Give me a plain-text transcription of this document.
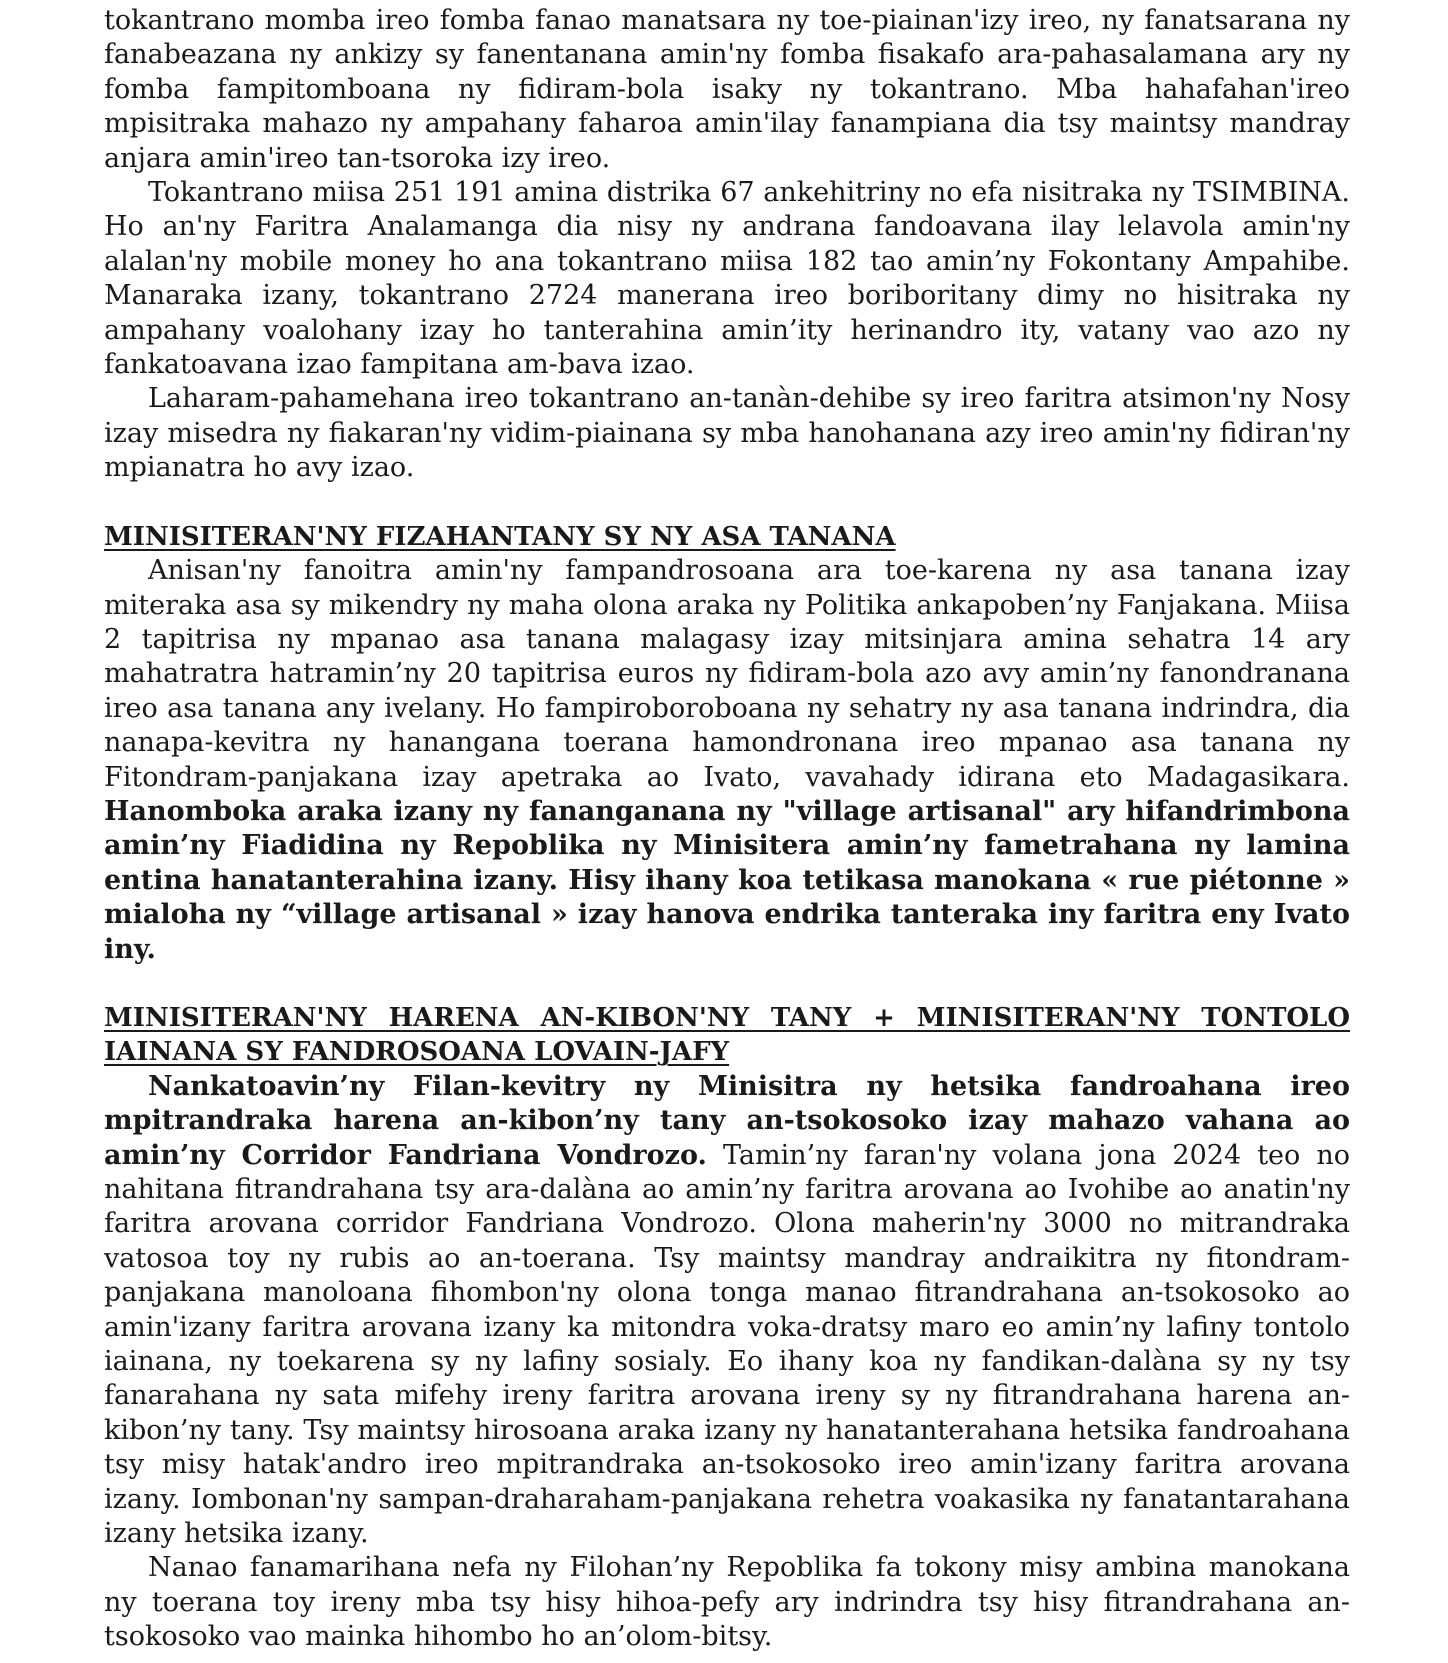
tokantrano momba ireo fomba fanao manatsara ny toe-piainan'izy ireo, ny fanatsarana ny fanabeazana ny ankizy sy fanentanana amin'ny fomba fisakafo ara-pahasalamana ary ny fomba fampitomboana ny fidiram-bola isaky ny tokantrano. Mba hahafahan'ireo mpisitraka mahazo ny ampahany faharoa amin'ilay fanampiana dia tsy maintsy mandray anjara amin'ireo tan-tsoroka izy ireo.

Tokantrano miisa 251 191 amina distrika 67 ankehitriny no efa nisitraka ny TSIMBINA. Ho an'ny Faritra Analamanga dia nisy ny andrana fandoavana ilay lelavola amin'ny alalan'ny mobile money ho ana tokantrano miisa 182 tao amin’ny Fokontany Ampahibe. Manaraka izany, tokantrano 2724 manerana ireo boriboritany dimy no hisitraka ny ampahany voalohany izay ho tanterahina amin’ity herinandro ity, vatany vao azo ny fankatoavana izao fampitana am-bava izao.

Laharam-pahamehana ireo tokantrano an-tanàn-dehibe sy ireo faritra atsimon'ny Nosy izay misedra ny fiakaran'ny vidim-piainana sy mba hanohanana azy ireo amin'ny fidiran'ny mpianatra ho avy izao.

MINISITERAN'NY FIZAHANTANY SY NY ASA TANANA

Anisan'ny fanoitra amin'ny fampandrosoana ara toe-karena ny asa tanana izay miteraka asa sy mikendry ny maha olona araka ny Politika ankapoben’ny Fanjakana. Miisa 2 tapitrisa ny mpanao asa tanana malagasy izay mitsinjara amina sehatra 14 ary mahatratra hatramin’ny 20 tapitrisa euros ny fidiram-bola azo avy amin’ny fanondranana ireo asa tanana any ivelany. Ho fampiroboroboana ny sehatry ny asa tanana indrindra, dia nanapa-kevitra ny hanangana toerana hamondronana ireo mpanao asa tanana ny Fitondram-panjakana izay apetraka ao Ivato, vavahady idirana eto Madagasikara. Hanomboka araka izany ny fananganana ny "village artisanal" ary hifandrimbona amin’ny Fiadidina ny Repoblika ny Minisitera amin’ny fametrahana ny lamina entina hanatanterahina izany. Hisy ihany koa tetikasa manokana « rue piétonne » mialoha ny “village artisanal » izay hanova endrika tanteraka iny faritra eny Ivato iny.

MINISITERAN'NY HARENA AN-KIBON'NY TANY + MINISITERAN'NY TONTOLO IAINANA SY FANDROSOANA LOVAIN-JAFY

Nankatoavin’ny Filan-kevitry ny Minisitra ny hetsika fandroahana ireo mpitrandraka harena an-kibon’ny tany an-tsokosoko izay mahazo vahana ao amin’ny Corridor Fandriana Vondrozo. Tamin’ny faran'ny volana jona 2024 teo no nahitana fitrandrahana tsy ara-dalàna ao amin’ny faritra arovana ao Ivohibe ao anatin'ny faritra arovana corridor Fandriana Vondrozo. Olona maherin'ny 3000 no mitrandraka vatosoa toy ny rubis ao an-toerana. Tsy maintsy mandray andraikitra ny fitondram-panjakana manoloana fihombon'ny olona tonga manao fitrandrahana an-tsokosoko ao amin'izany faritra arovana izany ka mitondra voka-dratsy maro eo amin’ny lafiny tontolo iainana, ny toekarena sy ny lafiny sosialy. Eo ihany koa ny fandikan-dalàna sy ny tsy fanarahana ny sata mifehy ireny faritra arovana ireny sy ny fitrandrahana harena an-kibon’ny tany. Tsy maintsy hirosoana araka izany ny hanatanterahana hetsika fandroahana tsy misy hatak'andro ireo mpitrandraka an-tsokosoko ireo amin'izany faritra arovana izany. Iombonan'ny sampan-draharaham-panjakana rehetra voakasika ny fanatantarahana izany hetsika izany.

Nanao fanamarihana nefa ny Filohan’ny Repoblika fa tokony misy ambina manokana ny toerana toy ireny mba tsy hisy hihoa-pefy ary indrindra tsy hisy fitrandrahana an-tsokosoko vao mainka hihombo ho an’olom-bitsy.
